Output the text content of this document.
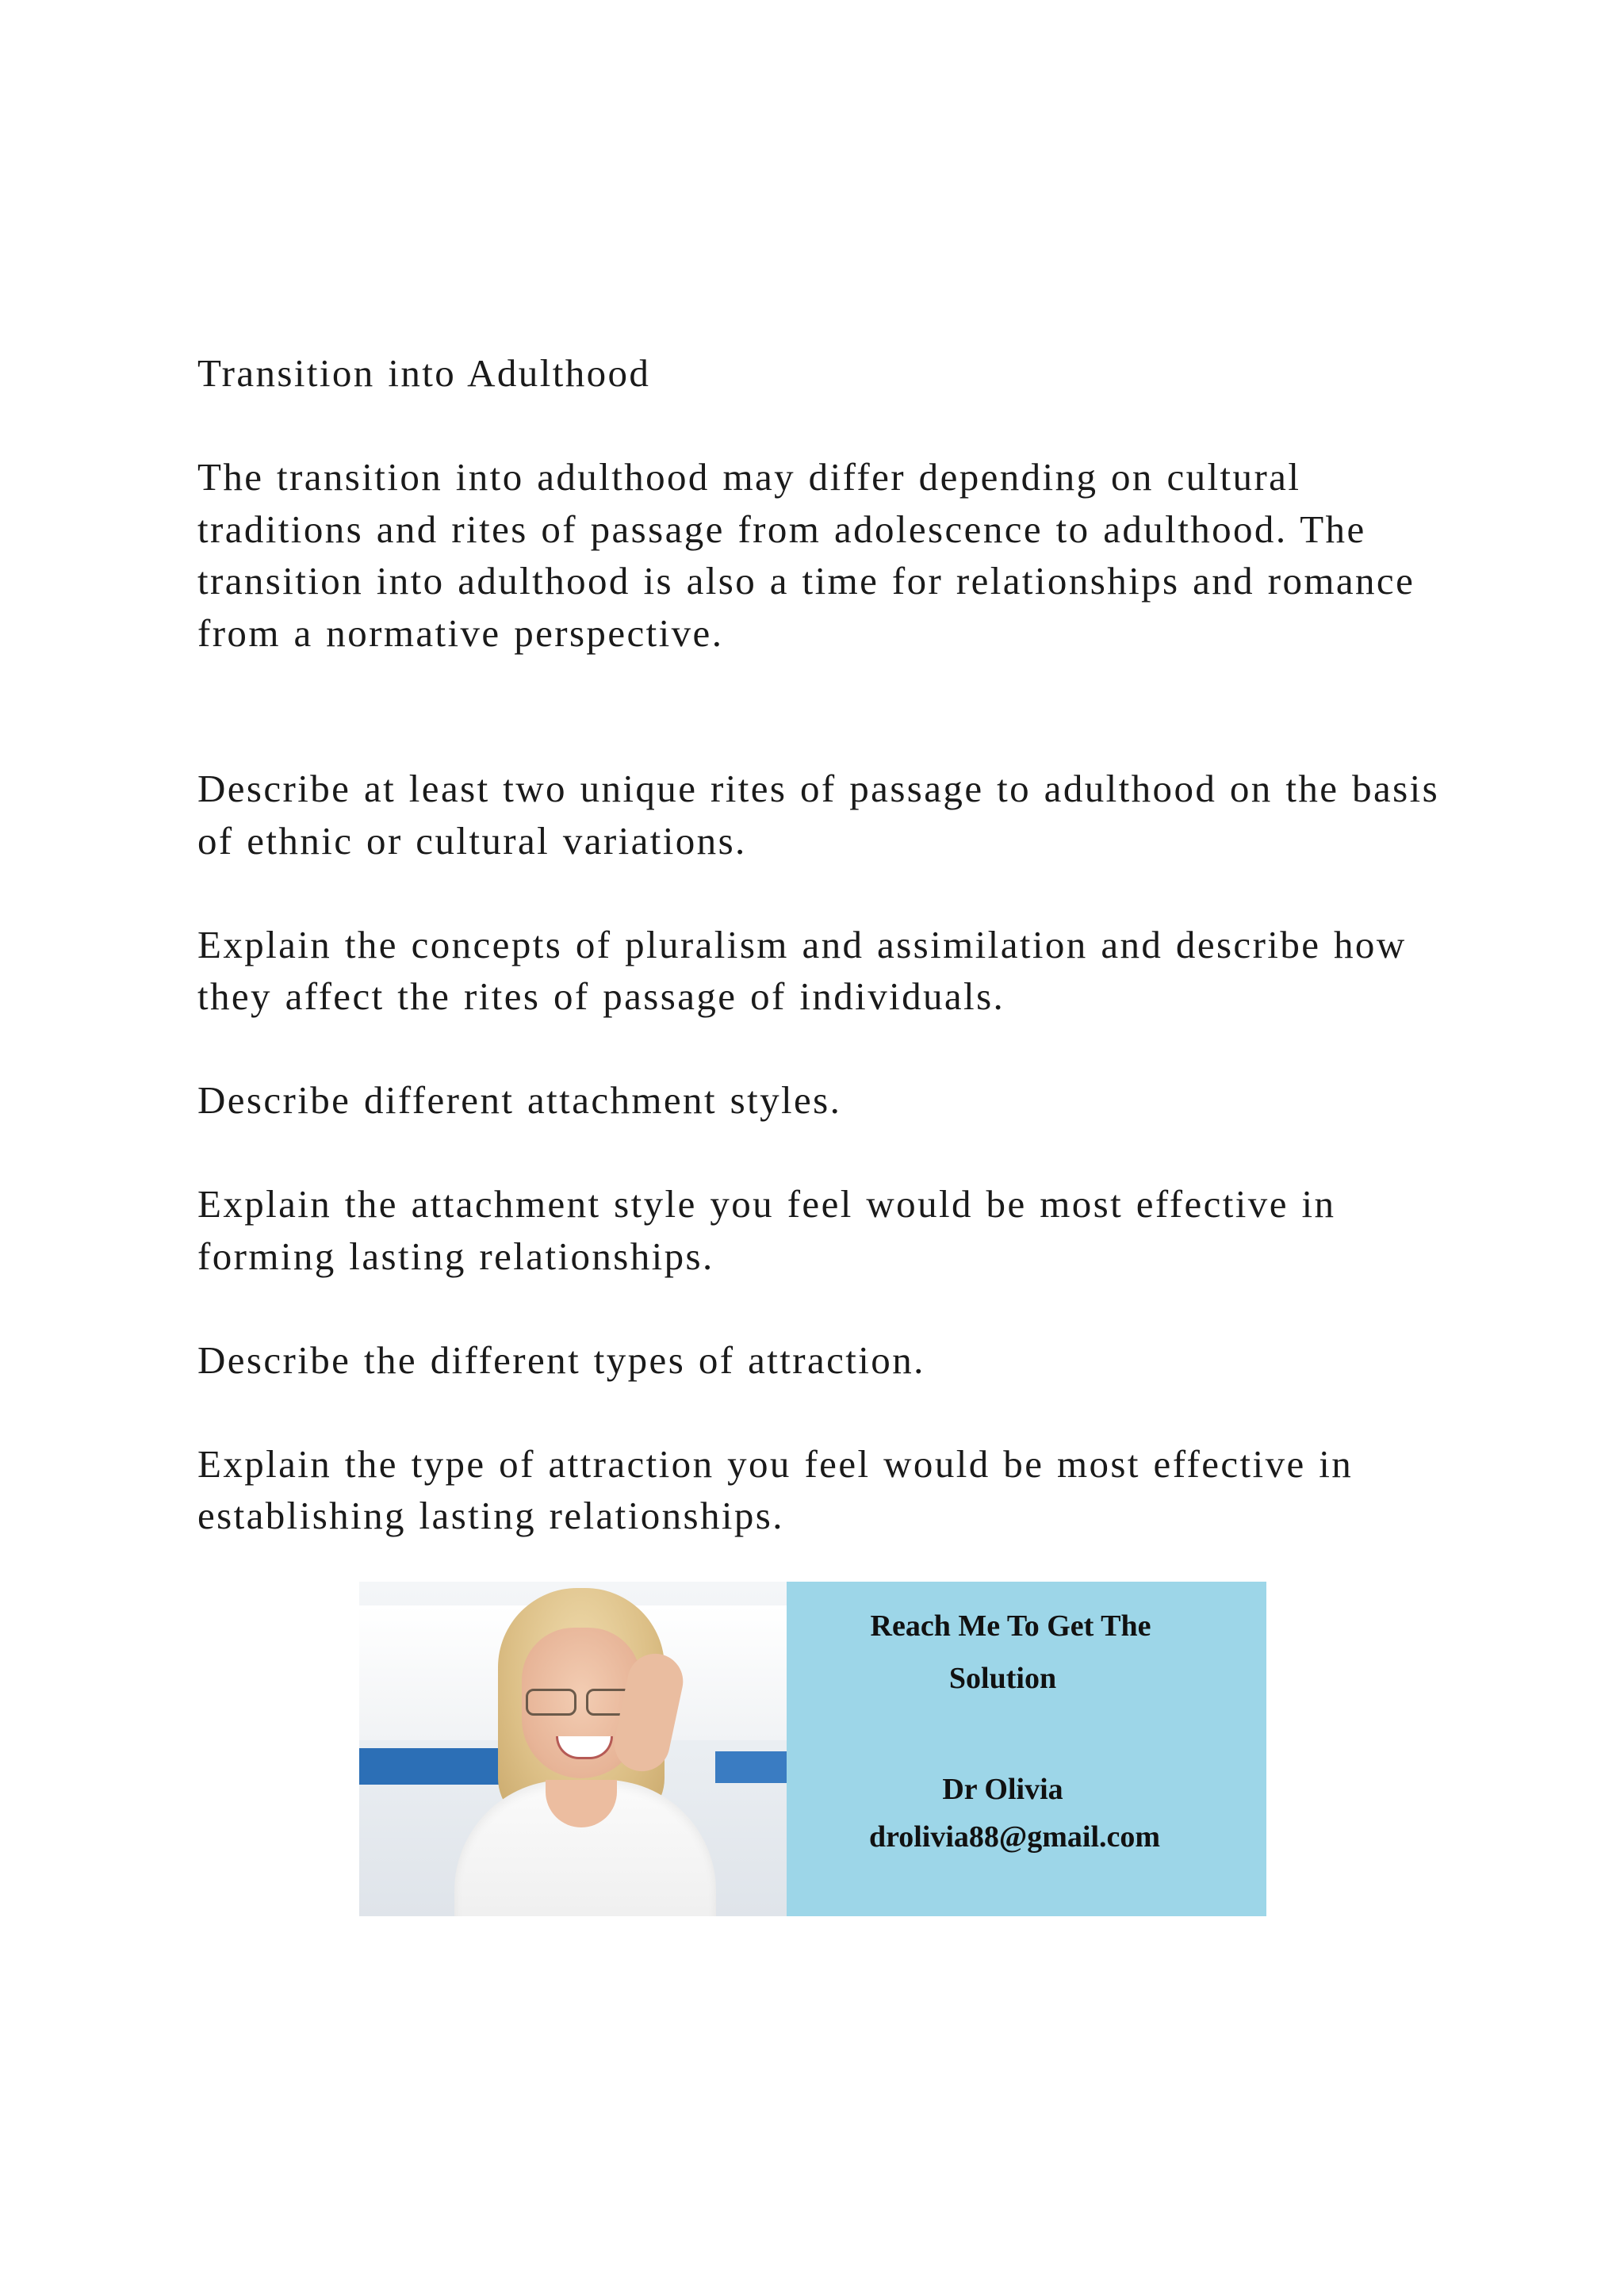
Transition into Adulthood

The transition into adulthood may differ depending on cultural traditions and rites of passage from adolescence to adulthood. The transition into adulthood is also a time for relationships and romance from a normative perspective.

Describe at least two unique rites of passage to adulthood on the basis of ethnic or cultural variations.

Explain the concepts of pluralism and assimilation and describe how they affect the rites of passage of individuals.

Describe different attachment styles.

Explain the attachment style you feel would be most effective in forming lasting relationships.

Describe the different types of attraction.

Explain the type of attraction you feel would be most effective in establishing lasting relationships.

Reach Me To Get The
Solution
Dr Olivia
drolivia88@gmail.com
